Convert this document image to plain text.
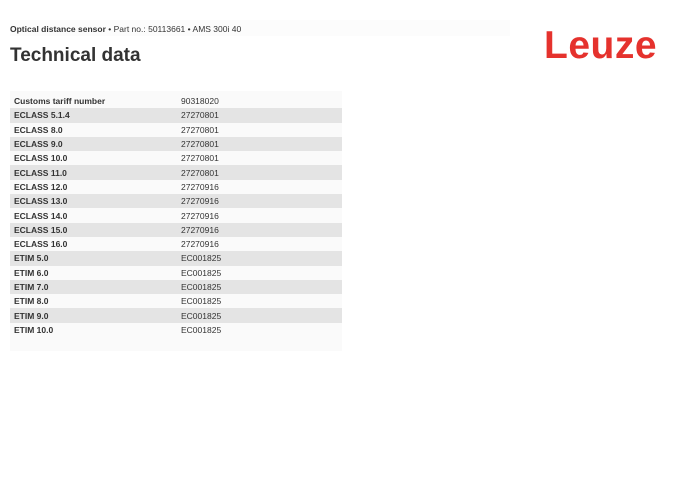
Optical distance sensor • Part no.: 50113661 • AMS 300i 40
Technical data	Leuze
Customs tariff number	90318020
ECLASS 5.1.4	27270801
ECLASS 8.0	27270801
ECLASS 9.0	27270801
ECLASS 10.0	27270801
ECLASS 11.0	27270801
ECLASS 12.0	27270916
ECLASS 13.0	27270916
ECLASS 14.0	27270916
ECLASS 15.0	27270916
ECLASS 16.0	27270916
ETIM 5.0	EC001825
ETIM 6.0	EC001825
ETIM 7.0	EC001825
ETIM 8.0	EC001825
ETIM 9.0	EC001825
ETIM 10.0	EC001825
